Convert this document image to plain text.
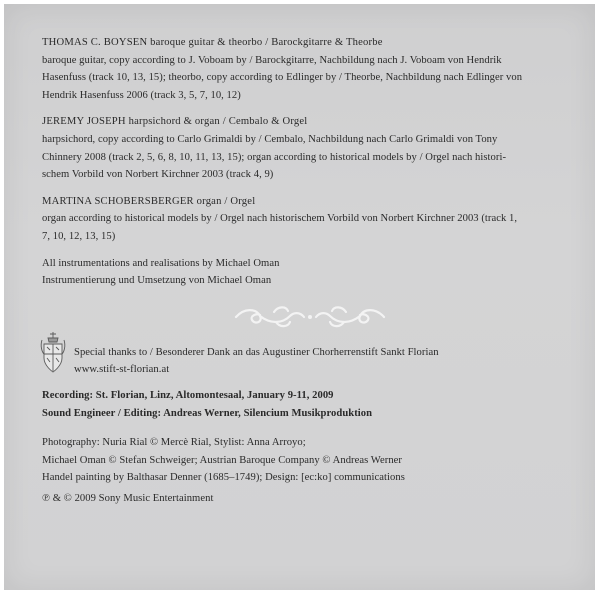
THOMAS C. BOYSEN baroque guitar & theorbo / Barockgitarre & Theorbe

baroque guitar, copy according to J. Voboam by / Barockgitarre, Nachbildung nach J. Voboam von Hendrik

Hasenfuss (track 10, 13, 15); theorbo, copy according to Edlinger by / Theorbe, Nachbildung nach Edlinger von

Hendrik Hasenfuss 2006 (track 3, 5, 7, 10, 12)

JEREMY JOSEPH harpsichord & organ / Cembalo & Orgel

harpsichord, copy according to Carlo Grimaldi by / Cembalo, Nachbildung nach Carlo Grimaldi von Tony

Chinnery 2008 (track 2, 5, 6, 8, 10, 11, 13, 15); organ according to historical models by / Orgel nach histori-

schem Vorbild von Norbert Kirchner 2003 (track 4, 9)

MARTINA SCHOBERSBERGER organ / Orgel

organ according to historical models by / Orgel nach historischem Vorbild von Norbert Kirchner 2003 (track 1,

7, 10, 12, 13, 15)

All instrumentations and realisations by Michael Oman

Instrumentierung und Umsetzung von Michael Oman

Special thanks to / Besonderer Dank an das Augustiner Chorherrenstift Sankt Florian

www.stift-st-florian.at

Recording: St. Florian, Linz, Altomontesaal, January 9-11, 2009

Sound Engineer / Editing: Andreas Werner, Silencium Musikproduktion

Photography: Nuria Rial © Mercè Rial, Stylist: Anna Arroyo;

Michael Oman © Stefan Schweiger; Austrian Baroque Company © Andreas Werner

Handel painting by Balthasar Denner (1685–1749); Design: [ec:ko] communications

℗ & © 2009 Sony Music Entertainment
